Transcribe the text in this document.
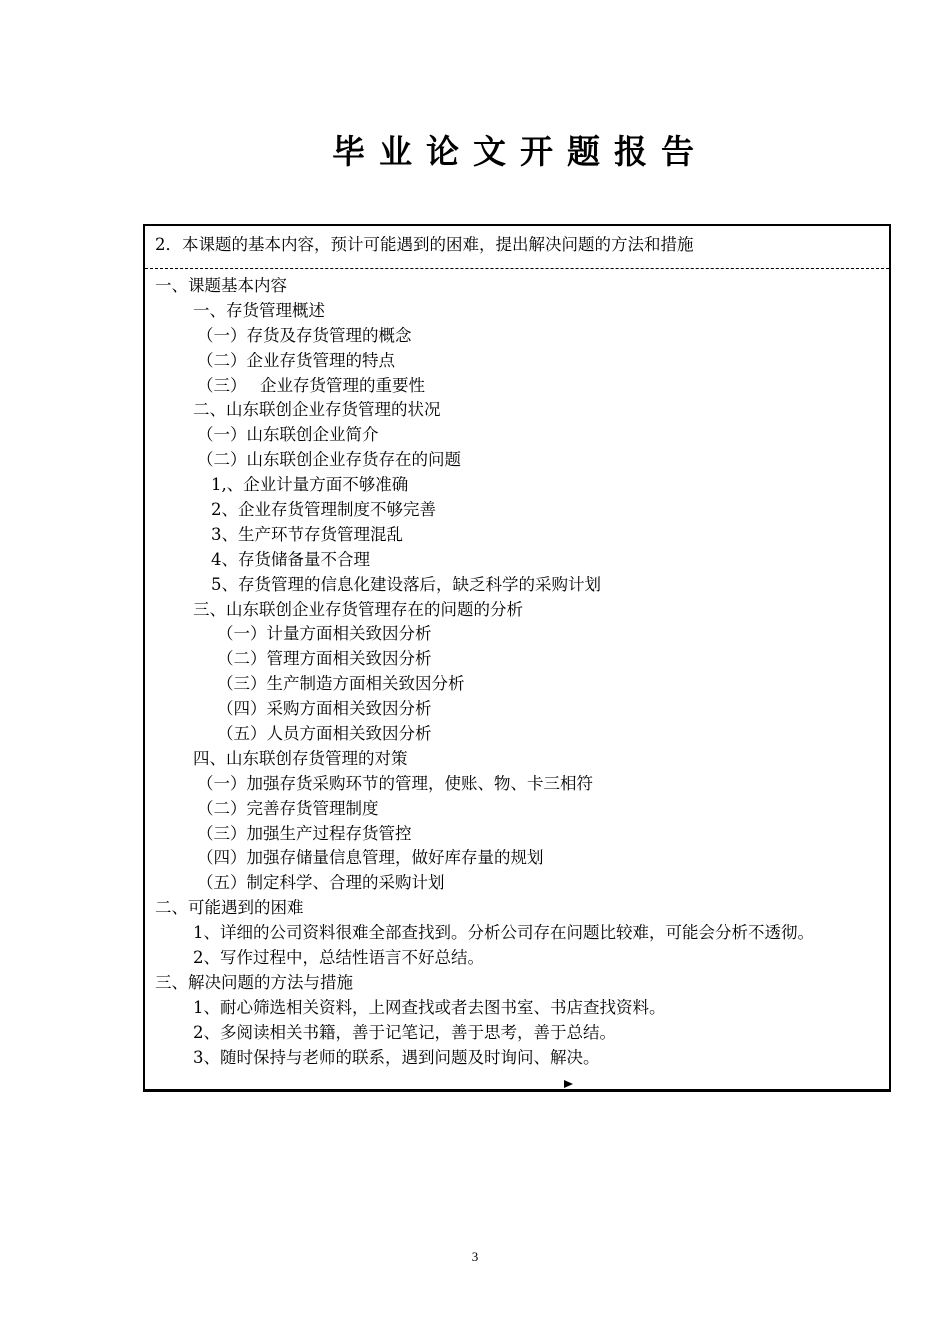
毕业论文开题报告
2．本课题的基本内容，预计可能遇到的困难，提出解决问题的方法和措施
一、课题基本内容
一、存货管理概述
（一）存货及存货管理的概念
（二）企业存货管理的特点
（三）　 企业存货管理的重要性
二、山东联创企业存货管理的状况
（一）山东联创企业简介
（二）山东联创企业存货存在的问题
1,、企业计量方面不够准确
2、企业存货管理制度不够完善
3、生产环节存货管理混乱
4、存货储备量不合理
5、存货管理的信息化建设落后，缺乏科学的采购计划
三、山东联创企业存货管理存在的问题的分析
（一）计量方面相关致因分析
（二）管理方面相关致因分析
（三）生产制造方面相关致因分析
（四）采购方面相关致因分析
（五）人员方面相关致因分析
四、山东联创存货管理的对策
（一）加强存货采购环节的管理，使账、物、卡三相符
（二）完善存货管理制度
（三）加强生产过程存货管控
（四）加强存储量信息管理，做好库存量的规划
（五）制定科学、合理的采购计划
二、可能遇到的困难
1、详细的公司资料很难全部查找到。分析公司存在问题比较难，可能会分析不透彻。
2、写作过程中，总结性语言不好总结。
三、解决问题的方法与措施
1、耐心筛选相关资料，上网查找或者去图书室、书店查找资料。
2、多阅读相关书籍，善于记笔记，善于思考，善于总结。
3、随时保持与老师的联系，遇到问题及时询问、解决。
3
